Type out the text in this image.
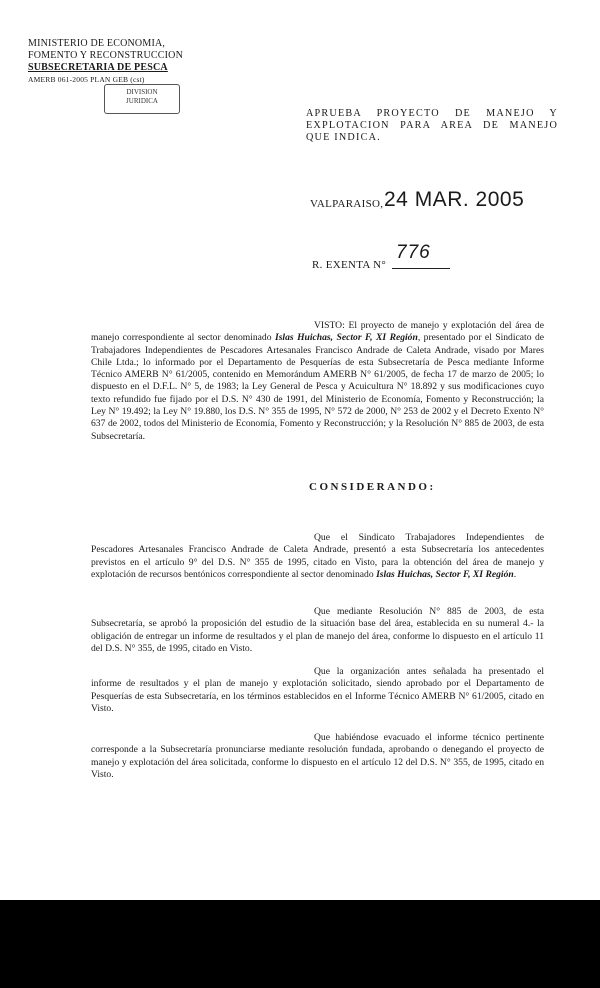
MINISTERIO DE ECONOMIA,
FOMENTO Y RECONSTRUCCION
SUBSECRETARIA DE PESCA
AMERB 061-2005 PLAN GEB (cst)
DIVISION
JURIDICA
APRUEBA PROYECTO DE MANEJO Y EXPLOTACION PARA AREA DE MANEJO QUE INDICA.
VALPARAISO, 24 MAR. 2005
R. EXENTA N°
776

VISTO: El proyecto de manejo y explotación del área de manejo correspondiente al sector denominado Islas Huichas, Sector F, XI Región, presentado por el Sindicato de Trabajadores Independientes de Pescadores Artesanales Francisco Andrade de Caleta Andrade, visado por Mares Chile Ltda.; lo informado por el Departamento de Pesquerías de esta Subsecretaría de Pesca mediante Informe Técnico AMERB N° 61/2005, contenido en Memorándum AMERB N° 61/2005, de fecha 17 de marzo de 2005; lo dispuesto en el D.F.L. N° 5, de 1983; la Ley General de Pesca y Acuicultura N° 18.892 y sus modificaciones cuyo texto refundido fue fijado por el D.S. N° 430 de 1991, del Ministerio de Economía, Fomento y Reconstrucción; la Ley N° 19.492; la Ley N° 19.880, los D.S. N° 355 de 1995, N° 572 de 2000, N° 253 de 2002 y el Decreto Exento N° 637 de 2002, todos del Ministerio de Economía, Fomento y Reconstrucción; y la Resolución N° 885 de 2003, de esta Subsecretaría.

CONSIDERANDO:

Que el Sindicato Trabajadores Independientes de Pescadores Artesanales Francisco Andrade de Caleta Andrade, presentó a esta Subsecretaría los antecedentes previstos en el artículo 9° del D.S. N° 355 de 1995, citado en Visto, para la obtención del área de manejo y explotación de recursos bentónicos correspondiente al sector denominado Islas Huichas, Sector F, XI Región.

Que mediante Resolución N° 885 de 2003, de esta Subsecretaría, se aprobó la proposición del estudio de la situación base del área, establecida en su numeral 4.- la obligación de entregar un informe de resultados y el plan de manejo del área, conforme lo dispuesto en el artículo 11 del D.S. N° 355, de 1995, citado en Visto.

Que la organización antes señalada ha presentado el informe de resultados y el plan de manejo y explotación solicitado, siendo aprobado por el Departamento de Pesquerías de esta Subsecretaría, en los términos establecidos en el Informe Técnico AMERB N° 61/2005, citado en Visto.

Que habiéndose evacuado el informe técnico pertinente corresponde a la Subsecretaría pronunciarse mediante resolución fundada, aprobando o denegando el proyecto de manejo y explotación del área solicitada, conforme lo dispuesto en el artículo 12 del D.S. N° 355, de 1995, citado en Visto.
